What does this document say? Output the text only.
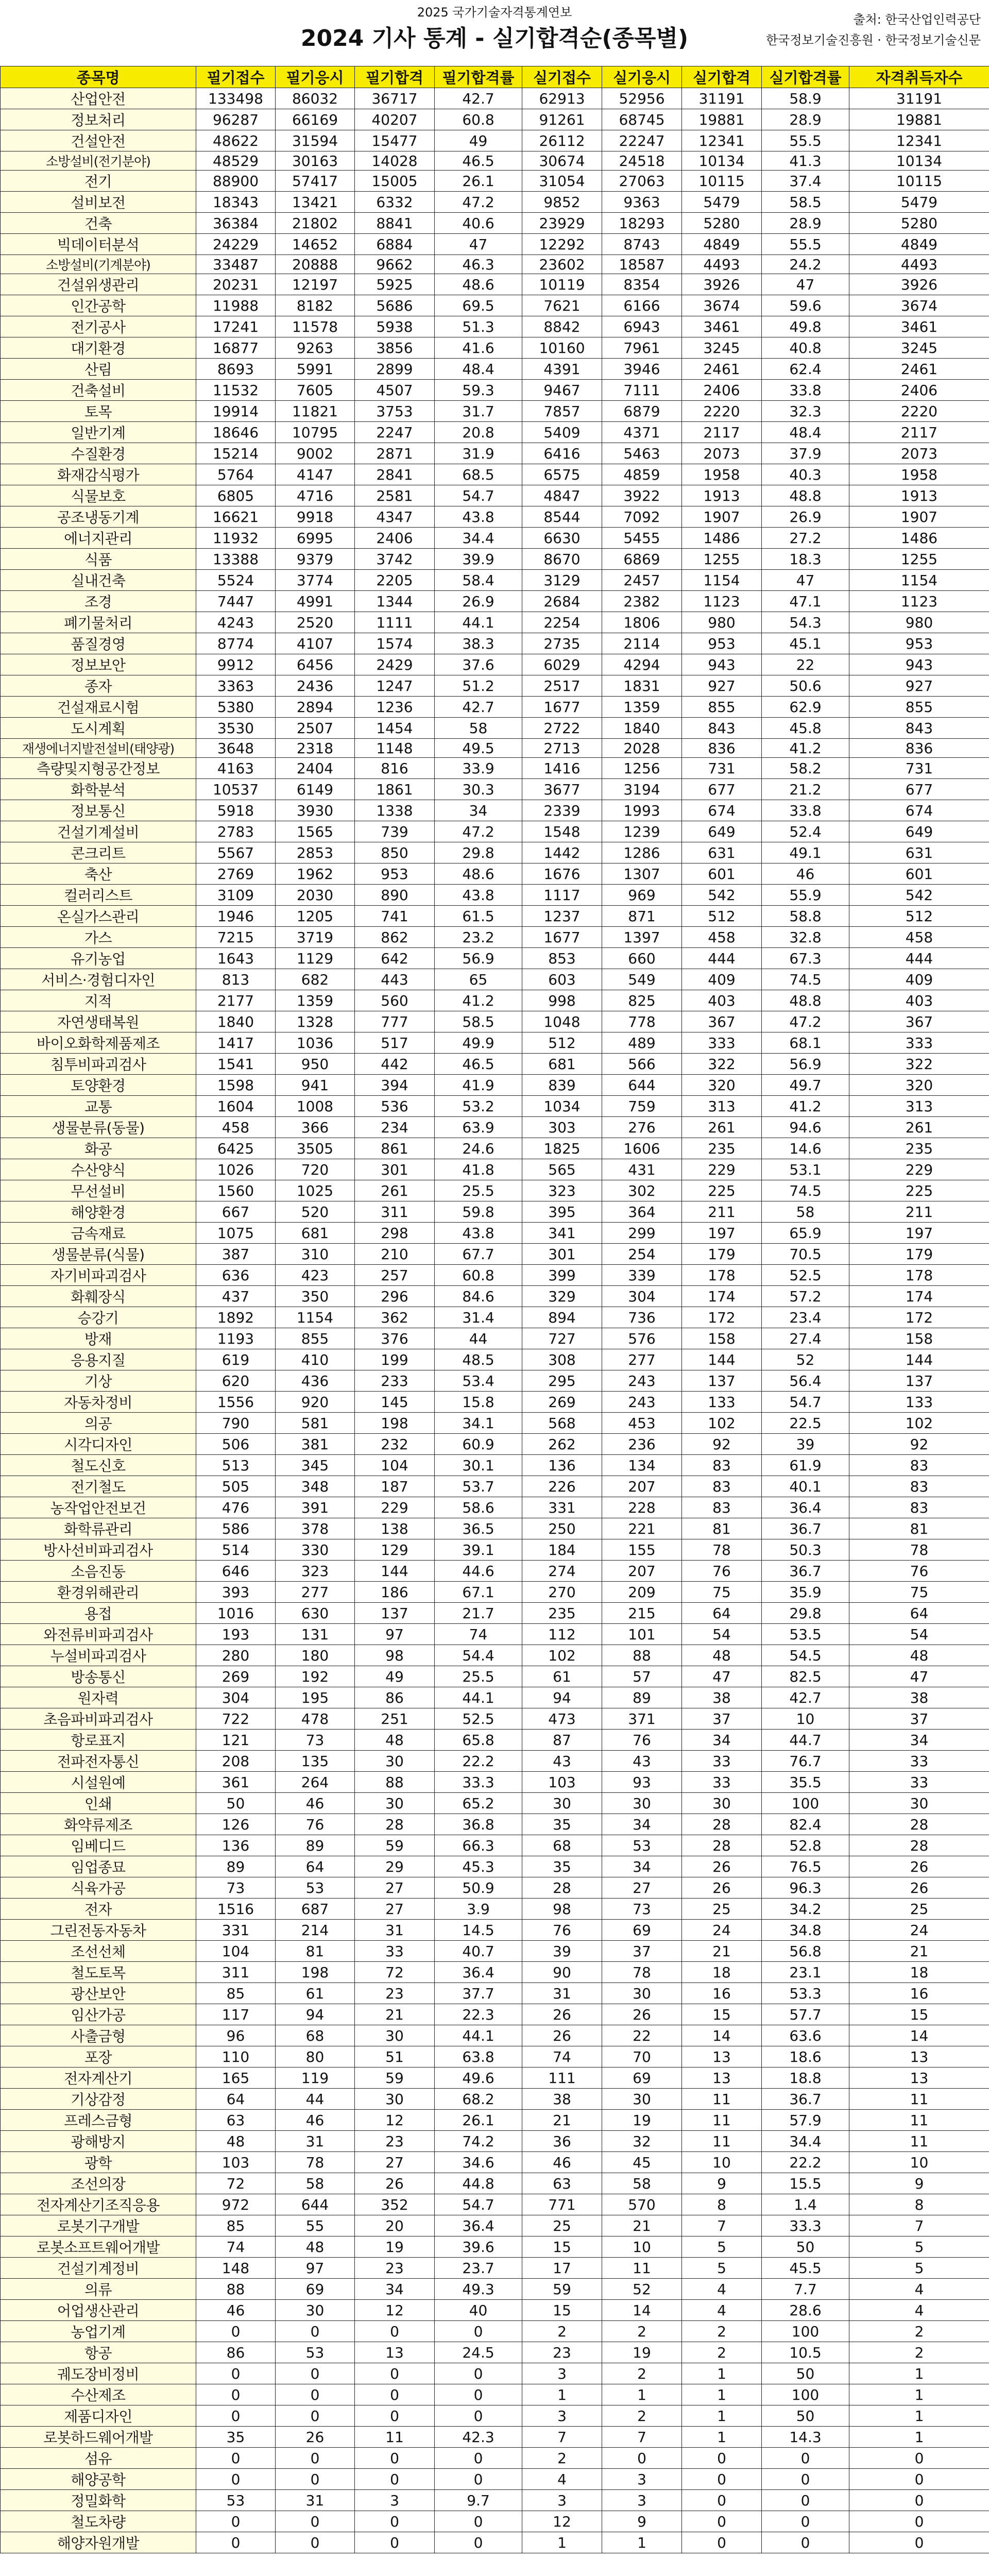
2025 국가기술자격통계연보
2024 기사 통계 - 실기합격순(종목별)
출처: 한국산업인력공단
한국정보기술진흥원 · 한국정보기술신문
종목명	필기접수	필기응시	필기합격	필기합격률	실기접수	실기응시	실기합격	실기합격률	자격취득자수
산업안전	133498	86032	36717	42.7	62913	52956	31191	58.9	31191
정보처리	96287	66169	40207	60.8	91261	68745	19881	28.9	19881
건설안전	48622	31594	15477	49	26112	22247	12341	55.5	12341
소방설비(전기분야)	48529	30163	14028	46.5	30674	24518	10134	41.3	10134
전기	88900	57417	15005	26.1	31054	27063	10115	37.4	10115
설비보전	18343	13421	6332	47.2	9852	9363	5479	58.5	5479
건축	36384	21802	8841	40.6	23929	18293	5280	28.9	5280
빅데이터분석	24229	14652	6884	47	12292	8743	4849	55.5	4849
소방설비(기계분야)	33487	20888	9662	46.3	23602	18587	4493	24.2	4493
건설위생관리	20231	12197	5925	48.6	10119	8354	3926	47	3926
인간공학	11988	8182	5686	69.5	7621	6166	3674	59.6	3674
전기공사	17241	11578	5938	51.3	8842	6943	3461	49.8	3461
대기환경	16877	9263	3856	41.6	10160	7961	3245	40.8	3245
산림	8693	5991	2899	48.4	4391	3946	2461	62.4	2461
건축설비	11532	7605	4507	59.3	9467	7111	2406	33.8	2406
토목	19914	11821	3753	31.7	7857	6879	2220	32.3	2220
일반기계	18646	10795	2247	20.8	5409	4371	2117	48.4	2117
수질환경	15214	9002	2871	31.9	6416	5463	2073	37.9	2073
화재감식평가	5764	4147	2841	68.5	6575	4859	1958	40.3	1958
식물보호	6805	4716	2581	54.7	4847	3922	1913	48.8	1913
공조냉동기계	16621	9918	4347	43.8	8544	7092	1907	26.9	1907
에너지관리	11932	6995	2406	34.4	6630	5455	1486	27.2	1486
식품	13388	9379	3742	39.9	8670	6869	1255	18.3	1255
실내건축	5524	3774	2205	58.4	3129	2457	1154	47	1154
조경	7447	4991	1344	26.9	2684	2382	1123	47.1	1123
폐기물처리	4243	2520	1111	44.1	2254	1806	980	54.3	980
품질경영	8774	4107	1574	38.3	2735	2114	953	45.1	953
정보보안	9912	6456	2429	37.6	6029	4294	943	22	943
종자	3363	2436	1247	51.2	2517	1831	927	50.6	927
건설재료시험	5380	2894	1236	42.7	1677	1359	855	62.9	855
도시계획	3530	2507	1454	58	2722	1840	843	45.8	843
재생에너지발전설비(태양광)	3648	2318	1148	49.5	2713	2028	836	41.2	836
측량및지형공간정보	4163	2404	816	33.9	1416	1256	731	58.2	731
화학분석	10537	6149	1861	30.3	3677	3194	677	21.2	677
정보통신	5918	3930	1338	34	2339	1993	674	33.8	674
건설기계설비	2783	1565	739	47.2	1548	1239	649	52.4	649
콘크리트	5567	2853	850	29.8	1442	1286	631	49.1	631
축산	2769	1962	953	48.6	1676	1307	601	46	601
컬러리스트	3109	2030	890	43.8	1117	969	542	55.9	542
온실가스관리	1946	1205	741	61.5	1237	871	512	58.8	512
가스	7215	3719	862	23.2	1677	1397	458	32.8	458
유기농업	1643	1129	642	56.9	853	660	444	67.3	444
서비스·경험디자인	813	682	443	65	603	549	409	74.5	409
지적	2177	1359	560	41.2	998	825	403	48.8	403
자연생태복원	1840	1328	777	58.5	1048	778	367	47.2	367
바이오화학제품제조	1417	1036	517	49.9	512	489	333	68.1	333
침투비파괴검사	1541	950	442	46.5	681	566	322	56.9	322
토양환경	1598	941	394	41.9	839	644	320	49.7	320
교통	1604	1008	536	53.2	1034	759	313	41.2	313
생물분류(동물)	458	366	234	63.9	303	276	261	94.6	261
화공	6425	3505	861	24.6	1825	1606	235	14.6	235
수산양식	1026	720	301	41.8	565	431	229	53.1	229
무선설비	1560	1025	261	25.5	323	302	225	74.5	225
해양환경	667	520	311	59.8	395	364	211	58	211
금속재료	1075	681	298	43.8	341	299	197	65.9	197
생물분류(식물)	387	310	210	67.7	301	254	179	70.5	179
자기비파괴검사	636	423	257	60.8	399	339	178	52.5	178
화훼장식	437	350	296	84.6	329	304	174	57.2	174
승강기	1892	1154	362	31.4	894	736	172	23.4	172
방재	1193	855	376	44	727	576	158	27.4	158
응용지질	619	410	199	48.5	308	277	144	52	144
기상	620	436	233	53.4	295	243	137	56.4	137
자동차정비	1556	920	145	15.8	269	243	133	54.7	133
의공	790	581	198	34.1	568	453	102	22.5	102
시각디자인	506	381	232	60.9	262	236	92	39	92
철도신호	513	345	104	30.1	136	134	83	61.9	83
전기철도	505	348	187	53.7	226	207	83	40.1	83
농작업안전보건	476	391	229	58.6	331	228	83	36.4	83
화학류관리	586	378	138	36.5	250	221	81	36.7	81
방사선비파괴검사	514	330	129	39.1	184	155	78	50.3	78
소음진동	646	323	144	44.6	274	207	76	36.7	76
환경위해관리	393	277	186	67.1	270	209	75	35.9	75
용접	1016	630	137	21.7	235	215	64	29.8	64
와전류비파괴검사	193	131	97	74	112	101	54	53.5	54
누설비파괴검사	280	180	98	54.4	102	88	48	54.5	48
방송통신	269	192	49	25.5	61	57	47	82.5	47
원자력	304	195	86	44.1	94	89	38	42.7	38
초음파비파괴검사	722	478	251	52.5	473	371	37	10	37
항로표지	121	73	48	65.8	87	76	34	44.7	34
전파전자통신	208	135	30	22.2	43	43	33	76.7	33
시설원예	361	264	88	33.3	103	93	33	35.5	33
인쇄	50	46	30	65.2	30	30	30	100	30
화약류제조	126	76	28	36.8	35	34	28	82.4	28
임베디드	136	89	59	66.3	68	53	28	52.8	28
임업종묘	89	64	29	45.3	35	34	26	76.5	26
식육가공	73	53	27	50.9	28	27	26	96.3	26
전자	1516	687	27	3.9	98	73	25	34.2	25
그린전동자동차	331	214	31	14.5	76	69	24	34.8	24
조선선체	104	81	33	40.7	39	37	21	56.8	21
철도토목	311	198	72	36.4	90	78	18	23.1	18
광산보안	85	61	23	37.7	31	30	16	53.3	16
임산가공	117	94	21	22.3	26	26	15	57.7	15
사출금형	96	68	30	44.1	26	22	14	63.6	14
포장	110	80	51	63.8	74	70	13	18.6	13
전자계산기	165	119	59	49.6	111	69	13	18.8	13
기상감정	64	44	30	68.2	38	30	11	36.7	11
프레스금형	63	46	12	26.1	21	19	11	57.9	11
광해방지	48	31	23	74.2	36	32	11	34.4	11
광학	103	78	27	34.6	46	45	10	22.2	10
조선의장	72	58	26	44.8	63	58	9	15.5	9
전자계산기조직응용	972	644	352	54.7	771	570	8	1.4	8
로봇기구개발	85	55	20	36.4	25	21	7	33.3	7
로봇소프트웨어개발	74	48	19	39.6	15	10	5	50	5
건설기계정비	148	97	23	23.7	17	11	5	45.5	5
의류	88	69	34	49.3	59	52	4	7.7	4
어업생산관리	46	30	12	40	15	14	4	28.6	4
농업기계	0	0	0	0	2	2	2	100	2
항공	86	53	13	24.5	23	19	2	10.5	2
궤도장비정비	0	0	0	0	3	2	1	50	1
수산제조	0	0	0	0	1	1	1	100	1
제품디자인	0	0	0	0	3	2	1	50	1
로봇하드웨어개발	35	26	11	42.3	7	7	1	14.3	1
섬유	0	0	0	0	2	0	0	0	0
해양공학	0	0	0	0	4	3	0	0	0
정밀화학	53	31	3	9.7	3	3	0	0	0
철도차량	0	0	0	0	12	9	0	0	0
해양자원개발	0	0	0	0	1	1	0	0	0
